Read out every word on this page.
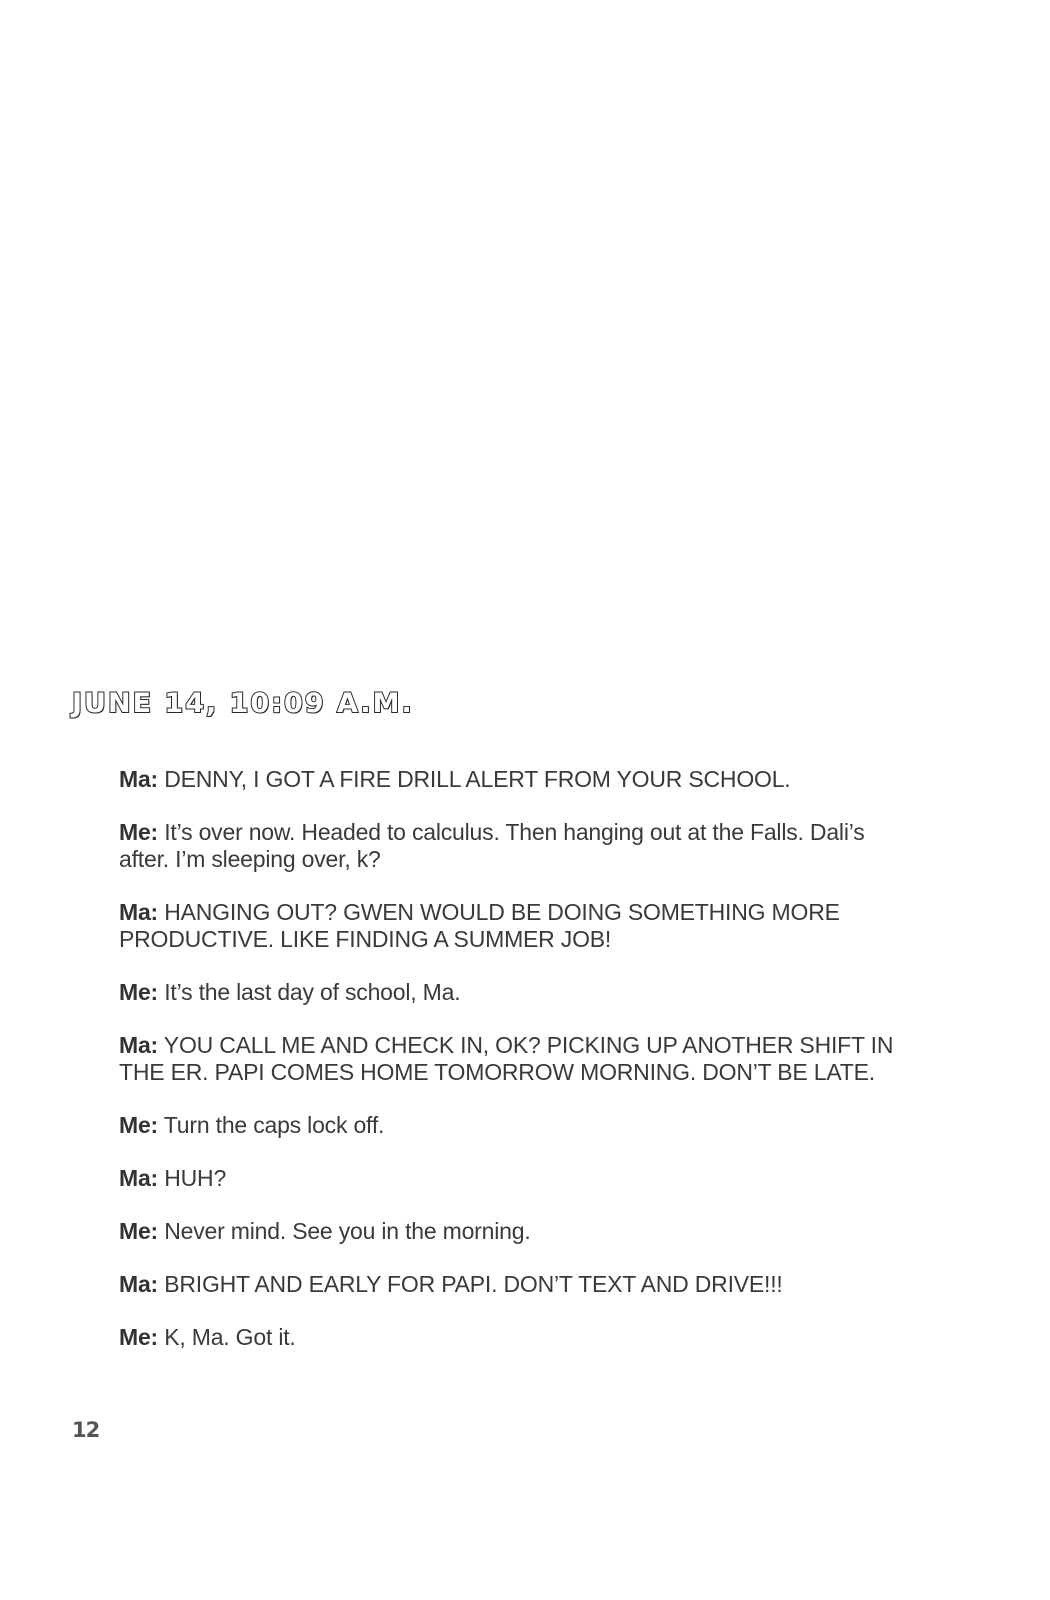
JUNE 14, 10:09 A.M.

Ma: DENNY, I GOT A FIRE DRILL ALERT FROM YOUR SCHOOL.

Me: It’s over now. Headed to calculus. Then hanging out at the Falls. Dali’s after. I’m sleeping over, k?

Ma: HANGING OUT? GWEN WOULD BE DOING SOMETHING MORE PRODUCTIVE. LIKE FINDING A SUMMER JOB!

Me: It’s the last day of school, Ma.

Ma: YOU CALL ME AND CHECK IN, OK? PICKING UP ANOTHER SHIFT IN THE ER. PAPI COMES HOME TOMORROW MORNING. DON’T BE LATE.

Me: Turn the caps lock off.

Ma: HUH?

Me: Never mind. See you in the morning.

Ma: BRIGHT AND EARLY FOR PAPI. DON’T TEXT AND DRIVE!!!

Me: K, Ma. Got it.

12
